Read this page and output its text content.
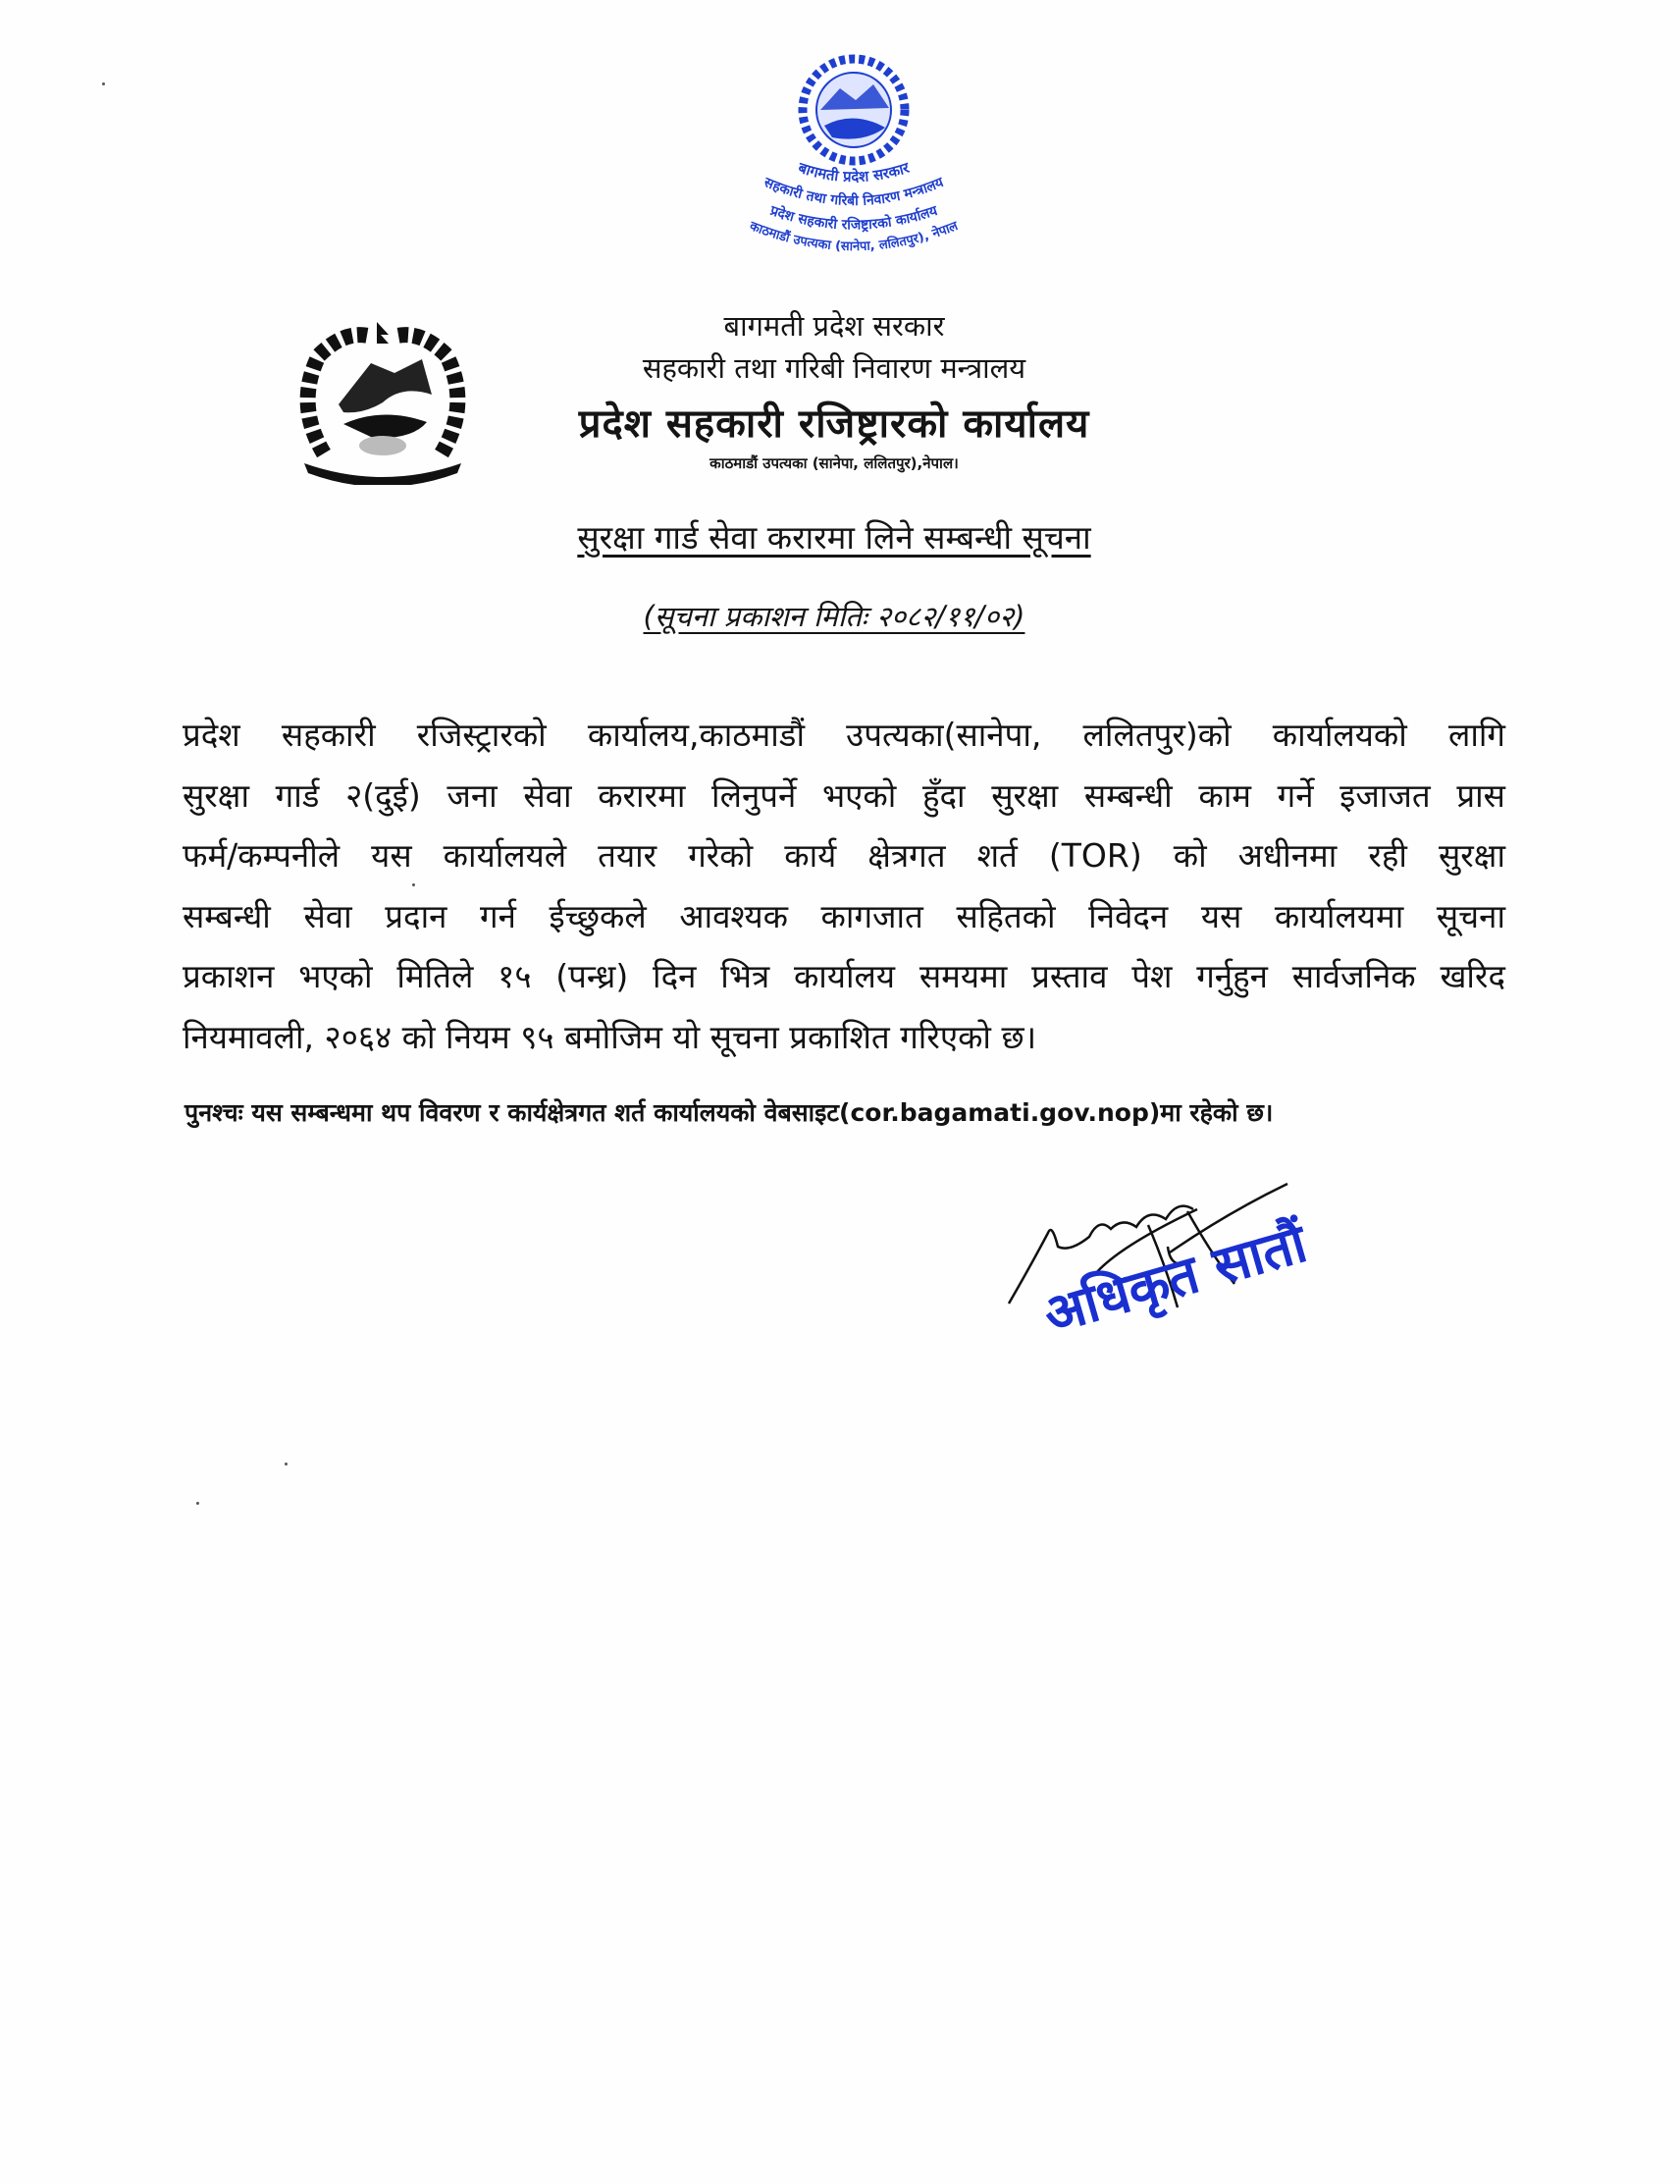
बागमती प्रदेश सरकार
सहकारी तथा गरिबी निवारण मन्त्रालय
प्रदेश सहकारी रजिष्ट्रारको कार्यालय
काठमाडौं उपत्यका (सानेपा, ललितपुर), नेपाल
बागमती प्रदेश सरकार
सहकारी तथा गरिबी निवारण मन्त्रालय
प्रदेश सहकारी रजिष्ट्रारको कार्यालय
काठमाडौं उपत्यका (सानेपा, ललितपुर),नेपाल।
सुरक्षा गार्ड सेवा करारमा लिने सम्बन्धी सूचना
(सूचना प्रकाशन मितिः २०८२/११/०२)
प्रदेश सहकारी रजिस्ट्रारको कार्यालय,काठमाडौं उपत्यका(सानेपा, ललितपुर)को कार्यालयको लागि
सुरक्षा गार्ड २(दुई) जना सेवा करारमा लिनुपर्ने भएको हुँदा सुरक्षा सम्बन्धी काम गर्ने इजाजत प्रास
फर्म/कम्पनीले यस कार्यालयले तयार गरेको कार्य क्षेत्रगत शर्त (TOR) को अधीनमा रही सुरक्षा
सम्बन्धी सेवा प्रदान गर्न ईच्छुकले आवश्यक कागजात सहितको निवेदन यस कार्यालयमा सूचना
प्रकाशन भएको मितिले १५ (पन्ध्र) दिन भित्र कार्यालय समयमा प्रस्ताव पेश गर्नुहुन सार्वजनिक खरिद
नियमावली, २०६४ को नियम ९५ बमोजिम यो सूचना प्रकाशित गरिएको छ।
पुनश्चः यस सम्बन्धमा थप विवरण र कार्यक्षेत्रगत शर्त कार्यालयको वेबसाइट(cor.bagamati.gov.nop)मा रहेको छ।
अधिकृत सातौं
